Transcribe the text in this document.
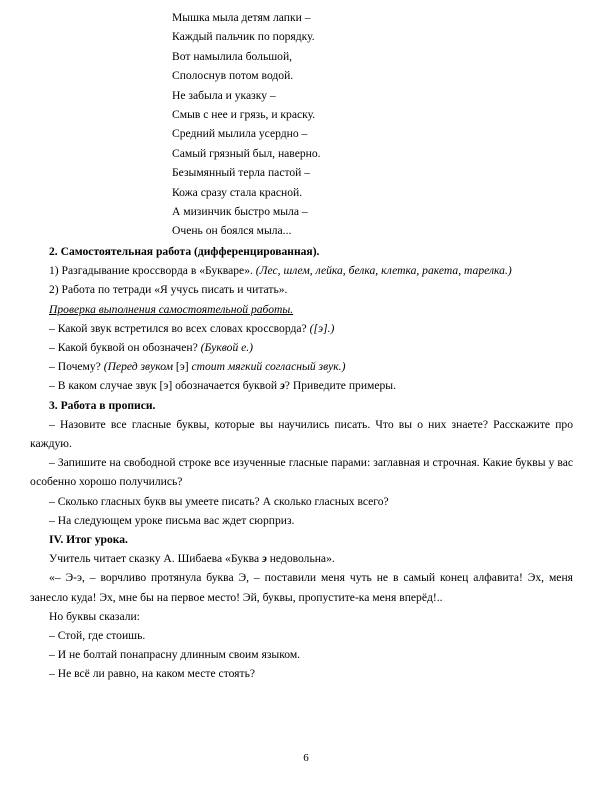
Мышка мыла детям лапки –
Каждый пальчик по порядку.
Вот намылила большой,
Сполоснув потом водой.
Не забыла и указку –
Смыв с нее и грязь, и краску.
Средний мылила усердно –
Самый грязный был, наверно.
Безымянный терла пастой –
Кожа сразу стала красной.
А мизинчик быстро мыла –
Очень он боялся мыла...
2. Самостоятельная работа (дифференцированная).
1) Разгадывание кроссворда в «Букваре». (Лес, шлем, лейка, белка, клетка, ракета, тарелка.)
2) Работа по тетради «Я учусь писать и читать».
Проверка выполнения самостоятельной работы.
– Какой звук встретился во всех словах кроссворда? ([э].)
– Какой буквой он обозначен? (Буквой е.)
– Почему? (Перед звуком [э] стоит мягкий согласный звук.)
– В каком случае звук [э] обозначается буквой э? Приведите примеры.
3. Работа в прописи.
– Назовите все гласные буквы, которые вы научились писать. Что вы о них знаете? Расскажите про каждую.
– Запишите на свободной строке все изученные гласные парами: заглавная и строчная. Какие буквы у вас особенно хорошо получились?
– Сколько гласных букв вы умеете писать? А сколько гласных всего?
– На следующем уроке письма вас ждет сюрприз.
IV. Итог урока.
Учитель читает сказку А. Шибаева «Буква э недовольна».
«– Э-э, – ворчливо протянула буква Э, – поставили меня чуть не в самый конец алфавита! Эх, меня занесло куда! Эх, мне бы на первое место! Эй, буквы, пропустите-ка меня вперёд!..
Но буквы сказали:
– Стой, где стоишь.
– И не болтай понапрасну длинным своим языком.
– Не всё ли равно, на каком месте стоять?
6
